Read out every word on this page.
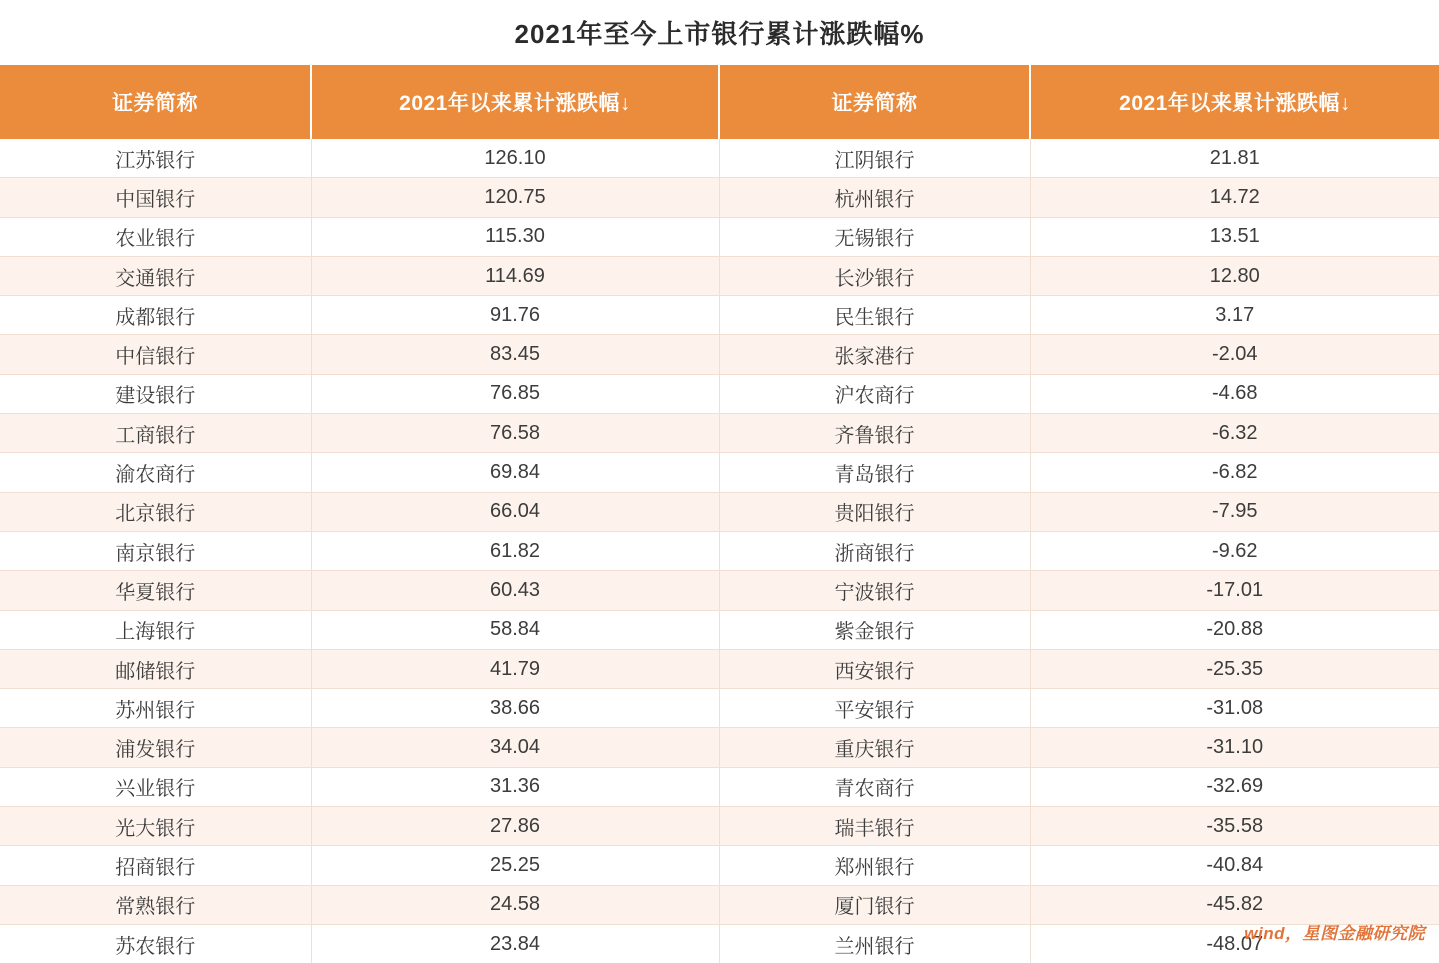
2021年至今上市银行累计涨跌幅%
证券简称	2021年以来累计涨跌幅↓	证券简称	2021年以来累计涨跌幅↓
江苏银行	126.10	江阴银行	21.81
中国银行	120.75	杭州银行	14.72
农业银行	115.30	无锡银行	13.51
交通银行	114.69	长沙银行	12.80
成都银行	91.76	民生银行	3.17
中信银行	83.45	张家港行	-2.04
建设银行	76.85	沪农商行	-4.68
工商银行	76.58	齐鲁银行	-6.32
渝农商行	69.84	青岛银行	-6.82
北京银行	66.04	贵阳银行	-7.95
南京银行	61.82	浙商银行	-9.62
华夏银行	60.43	宁波银行	-17.01
上海银行	58.84	紫金银行	-20.88
邮储银行	41.79	西安银行	-25.35
苏州银行	38.66	平安银行	-31.08
浦发银行	34.04	重庆银行	-31.10
兴业银行	31.36	青农商行	-32.69
光大银行	27.86	瑞丰银行	-35.58
招商银行	25.25	郑州银行	-40.84
常熟银行	24.58	厦门银行	-45.82
苏农银行	23.84	兰州银行	-48.07
wind，星图金融研究院
